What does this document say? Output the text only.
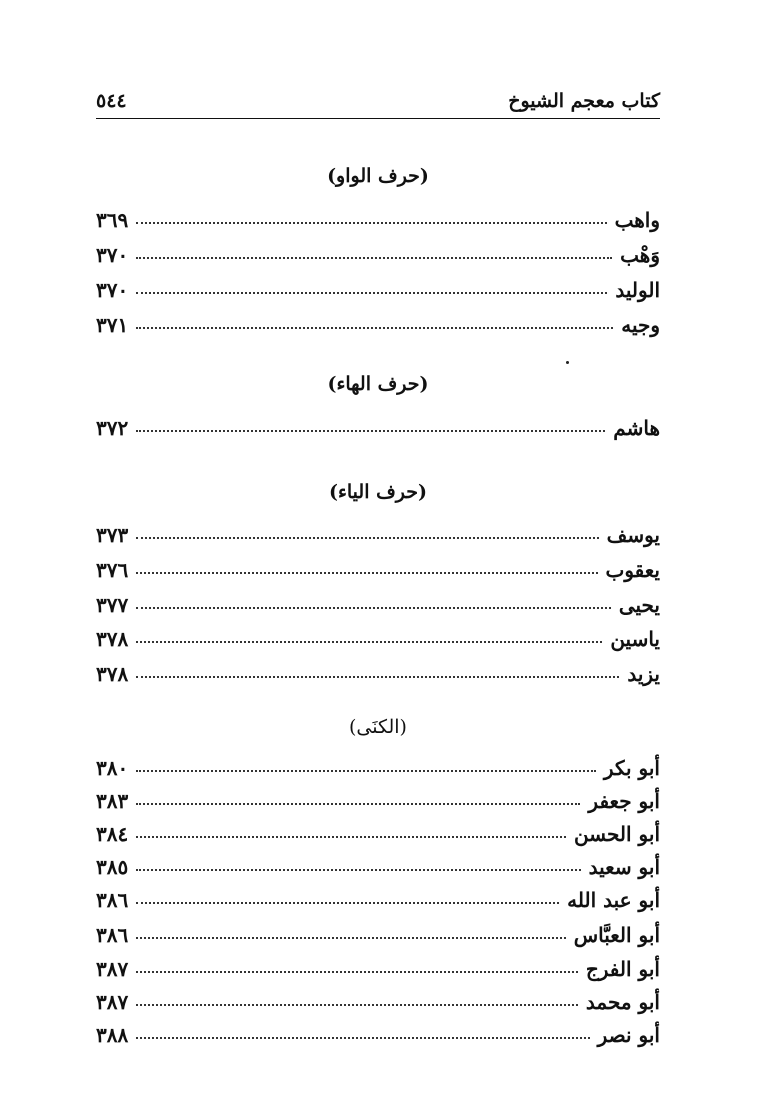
كتاب معجم الشيوخ
٥٤٤
(حرف الواو)
واهب
٣٦٩
وَهْب
٣٧٠
الوليد
٣٧٠
وجيه
٣٧١
(حرف الهاء)
هاشم
٣٧٢
(حرف الياء)
يوسف
٣٧٣
يعقوب
٣٧٦
يحيى
٣٧٧
ياسين
٣٧٨
يزيد
٣٧٨
(الكنَى)
أبو بكر
٣٨٠
أبو جعفر
٣٨٣
أبو الحسن
٣٨٤
أبو سعيد
٣٨٥
أبو عبد الله
٣٨٦
أبو العبَّاس
٣٨٦
أبو الفرج
٣٨٧
أبو محمد
٣٨٧
أبو نصر
٣٨٨
